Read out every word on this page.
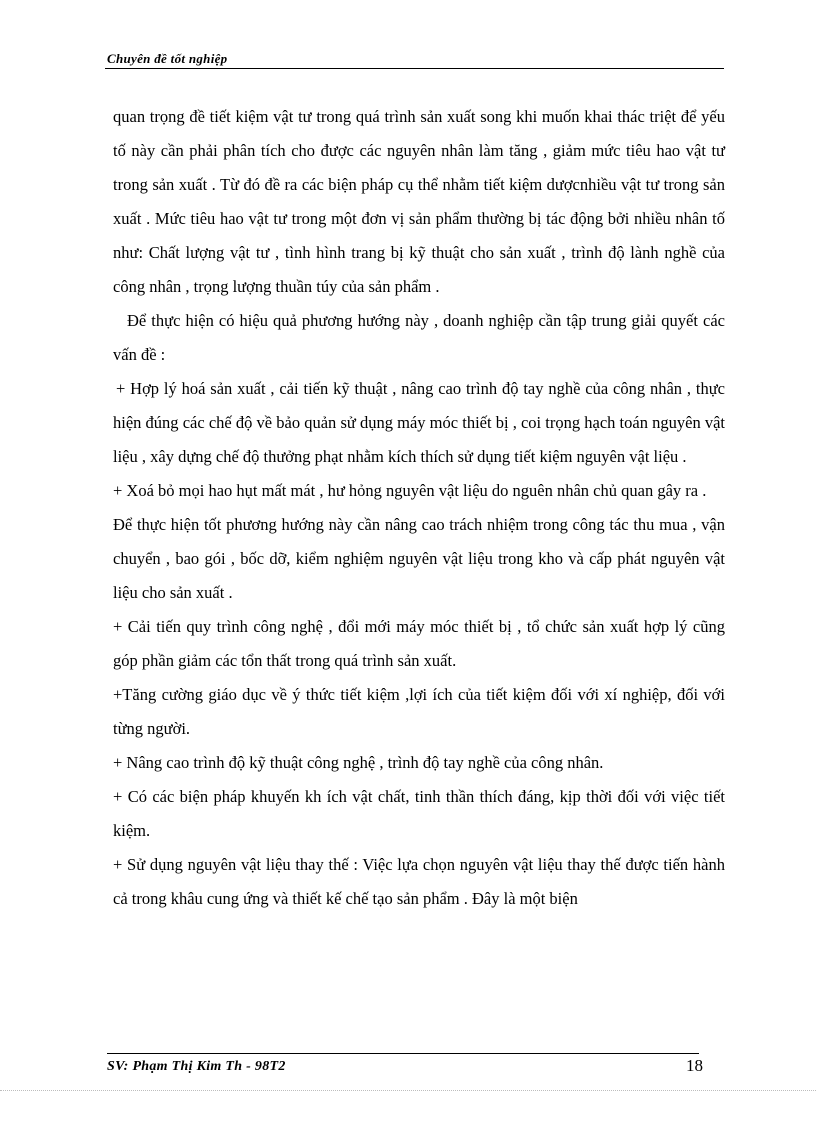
Chuyên đề tốt nghiệp

quan trọng đề tiết kiệm vật tư trong quá trình sản xuất song khi muốn khai thác triệt để yếu tố này cần phải phân tích cho được các nguyên nhân làm tăng , giảm mức tiêu hao vật tư trong sản xuất . Từ đó đề ra các biện pháp cụ thể nhằm tiết kiệm dượcnhiều vật tư trong sản xuất . Mức tiêu hao vật tư trong một đơn vị sản phẩm thường bị tác động bởi nhiều nhân tố như: Chất lượng vật tư , tình hình trang bị kỹ thuật cho sản xuất , trình độ lành nghề của công nhân , trọng lượng thuần túy của sản phẩm .

Để thực hiện có hiệu quả phương hướng này , doanh nghiệp cần tập trung giải quyết các vấn đề :

+ Hợp lý hoá sản xuất , cải tiến kỹ thuật , nâng cao trình độ tay nghề của công nhân , thực hiện đúng các chế độ về bảo quản sử dụng máy móc thiết bị , coi trọng hạch toán nguyên vật liệu , xây dựng chế độ thưởng phạt nhằm kích thích sử dụng tiết kiệm nguyên vật liệu .

+ Xoá bỏ mọi hao hụt mất mát , hư hỏng nguyên vật liệu do nguên nhân chủ quan gây ra .

Để thực hiện tốt phương hướng này cần nâng cao trách nhiệm trong công tác thu mua , vận chuyển , bao gói , bốc dỡ, kiểm nghiệm nguyên vật liệu trong kho và cấp phát nguyên vật liệu cho sản xuất .

+ Cải tiến quy trình công nghệ , đổi mới máy móc thiết bị , tổ chức sản xuất hợp lý cũng góp phần giảm các tổn thất trong quá trình sản xuất.

+Tăng cường giáo dục về ý thức tiết kiệm ,lợi ích của tiết kiệm đối với xí nghiệp, đối với từng người.

+ Nâng cao trình độ kỹ thuật công nghệ , trình độ tay nghề của công nhân.

+ Có các biện pháp khuyến kh ích vật chất, tinh thần thích đáng, kịp thời đối với việc tiết kiệm.

+ Sử dụng nguyên vật liệu thay thế : Việc lựa chọn nguyên vật liệu thay thế được tiến hành cả trong khâu cung ứng và thiết kế chế tạo sản phẩm . Đây là một biện

SV: Phạm Thị Kim Th - 98T2	18
